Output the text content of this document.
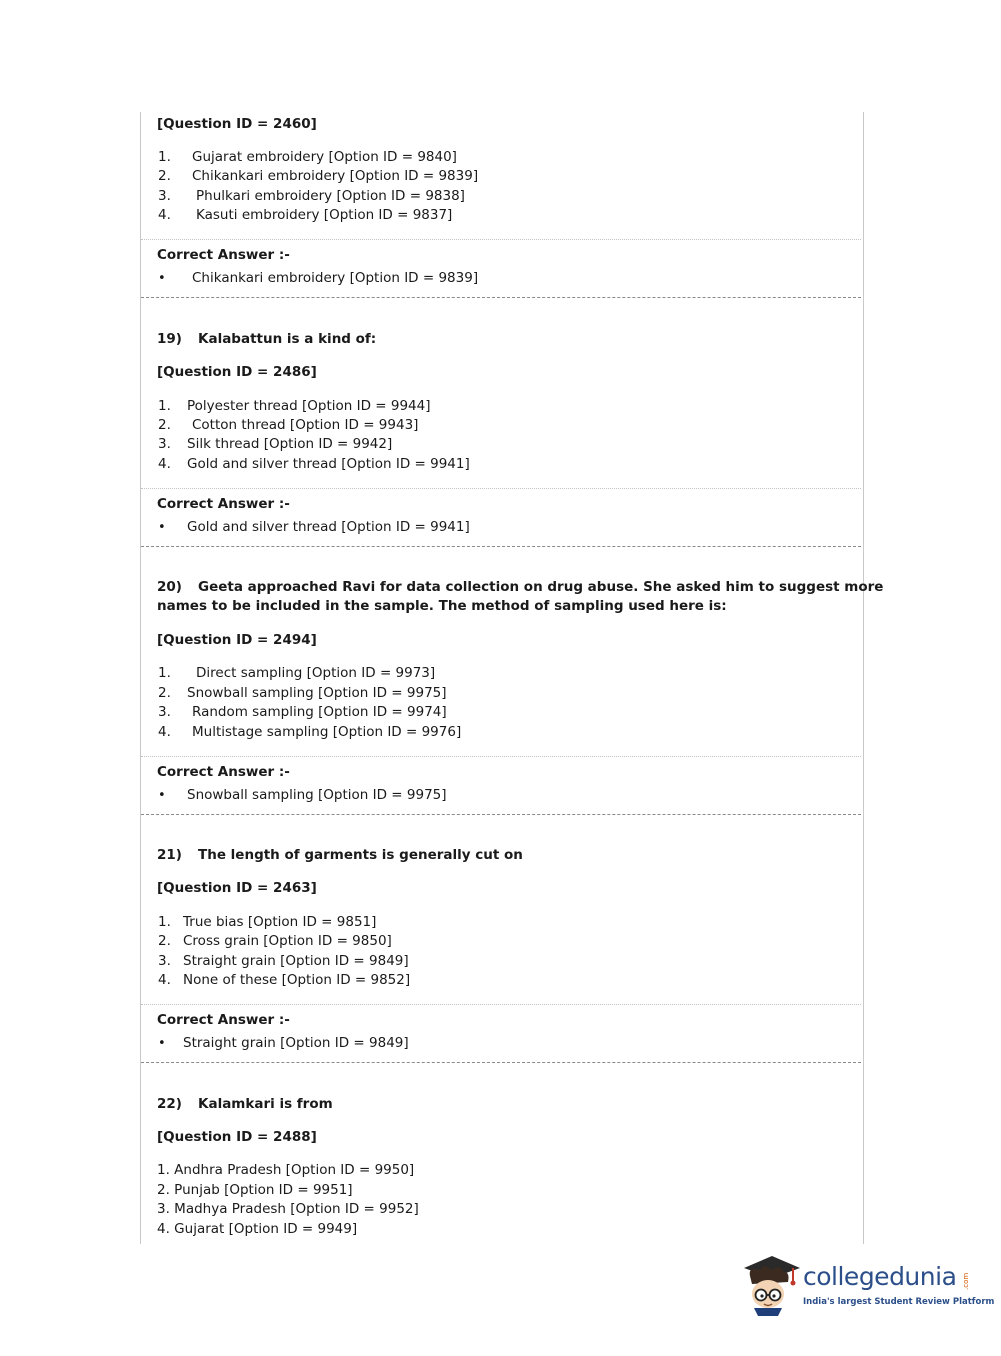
[Question ID = 2460]
1. Gujarat embroidery [Option ID = 9840]
2. Chikankari embroidery [Option ID = 9839]
3. Phulkari embroidery [Option ID = 9838]
4. Kasuti embroidery [Option ID = 9837]
Correct Answer :-
• Chikankari embroidery [Option ID = 9839]
19) Kalabattun is a kind of:
[Question ID = 2486]
1. Polyester thread [Option ID = 9944]
2. Cotton thread [Option ID = 9943]
3. Silk thread [Option ID = 9942]
4. Gold and silver thread [Option ID = 9941]
Correct Answer :-
• Gold and silver thread [Option ID = 9941]
20) Geeta approached Ravi for data collection on drug abuse. She asked him to suggest more
names to be included in the sample. The method of sampling used here is:
[Question ID = 2494]
1. Direct sampling [Option ID = 9973]
2. Snowball sampling [Option ID = 9975]
3. Random sampling [Option ID = 9974]
4. Multistage sampling [Option ID = 9976]
Correct Answer :-
• Snowball sampling [Option ID = 9975]
21) The length of garments is generally cut on
[Question ID = 2463]
1. True bias [Option ID = 9851]
2. Cross grain [Option ID = 9850]
3. Straight grain [Option ID = 9849]
4. None of these [Option ID = 9852]
Correct Answer :-
• Straight grain [Option ID = 9849]
22) Kalamkari is from
[Question ID = 2488]
1. Andhra Pradesh [Option ID = 9950]
2. Punjab [Option ID = 9951]
3. Madhya Pradesh [Option ID = 9952]
4. Gujarat [Option ID = 9949]
collegedunia .com
India's largest Student Review Platform
